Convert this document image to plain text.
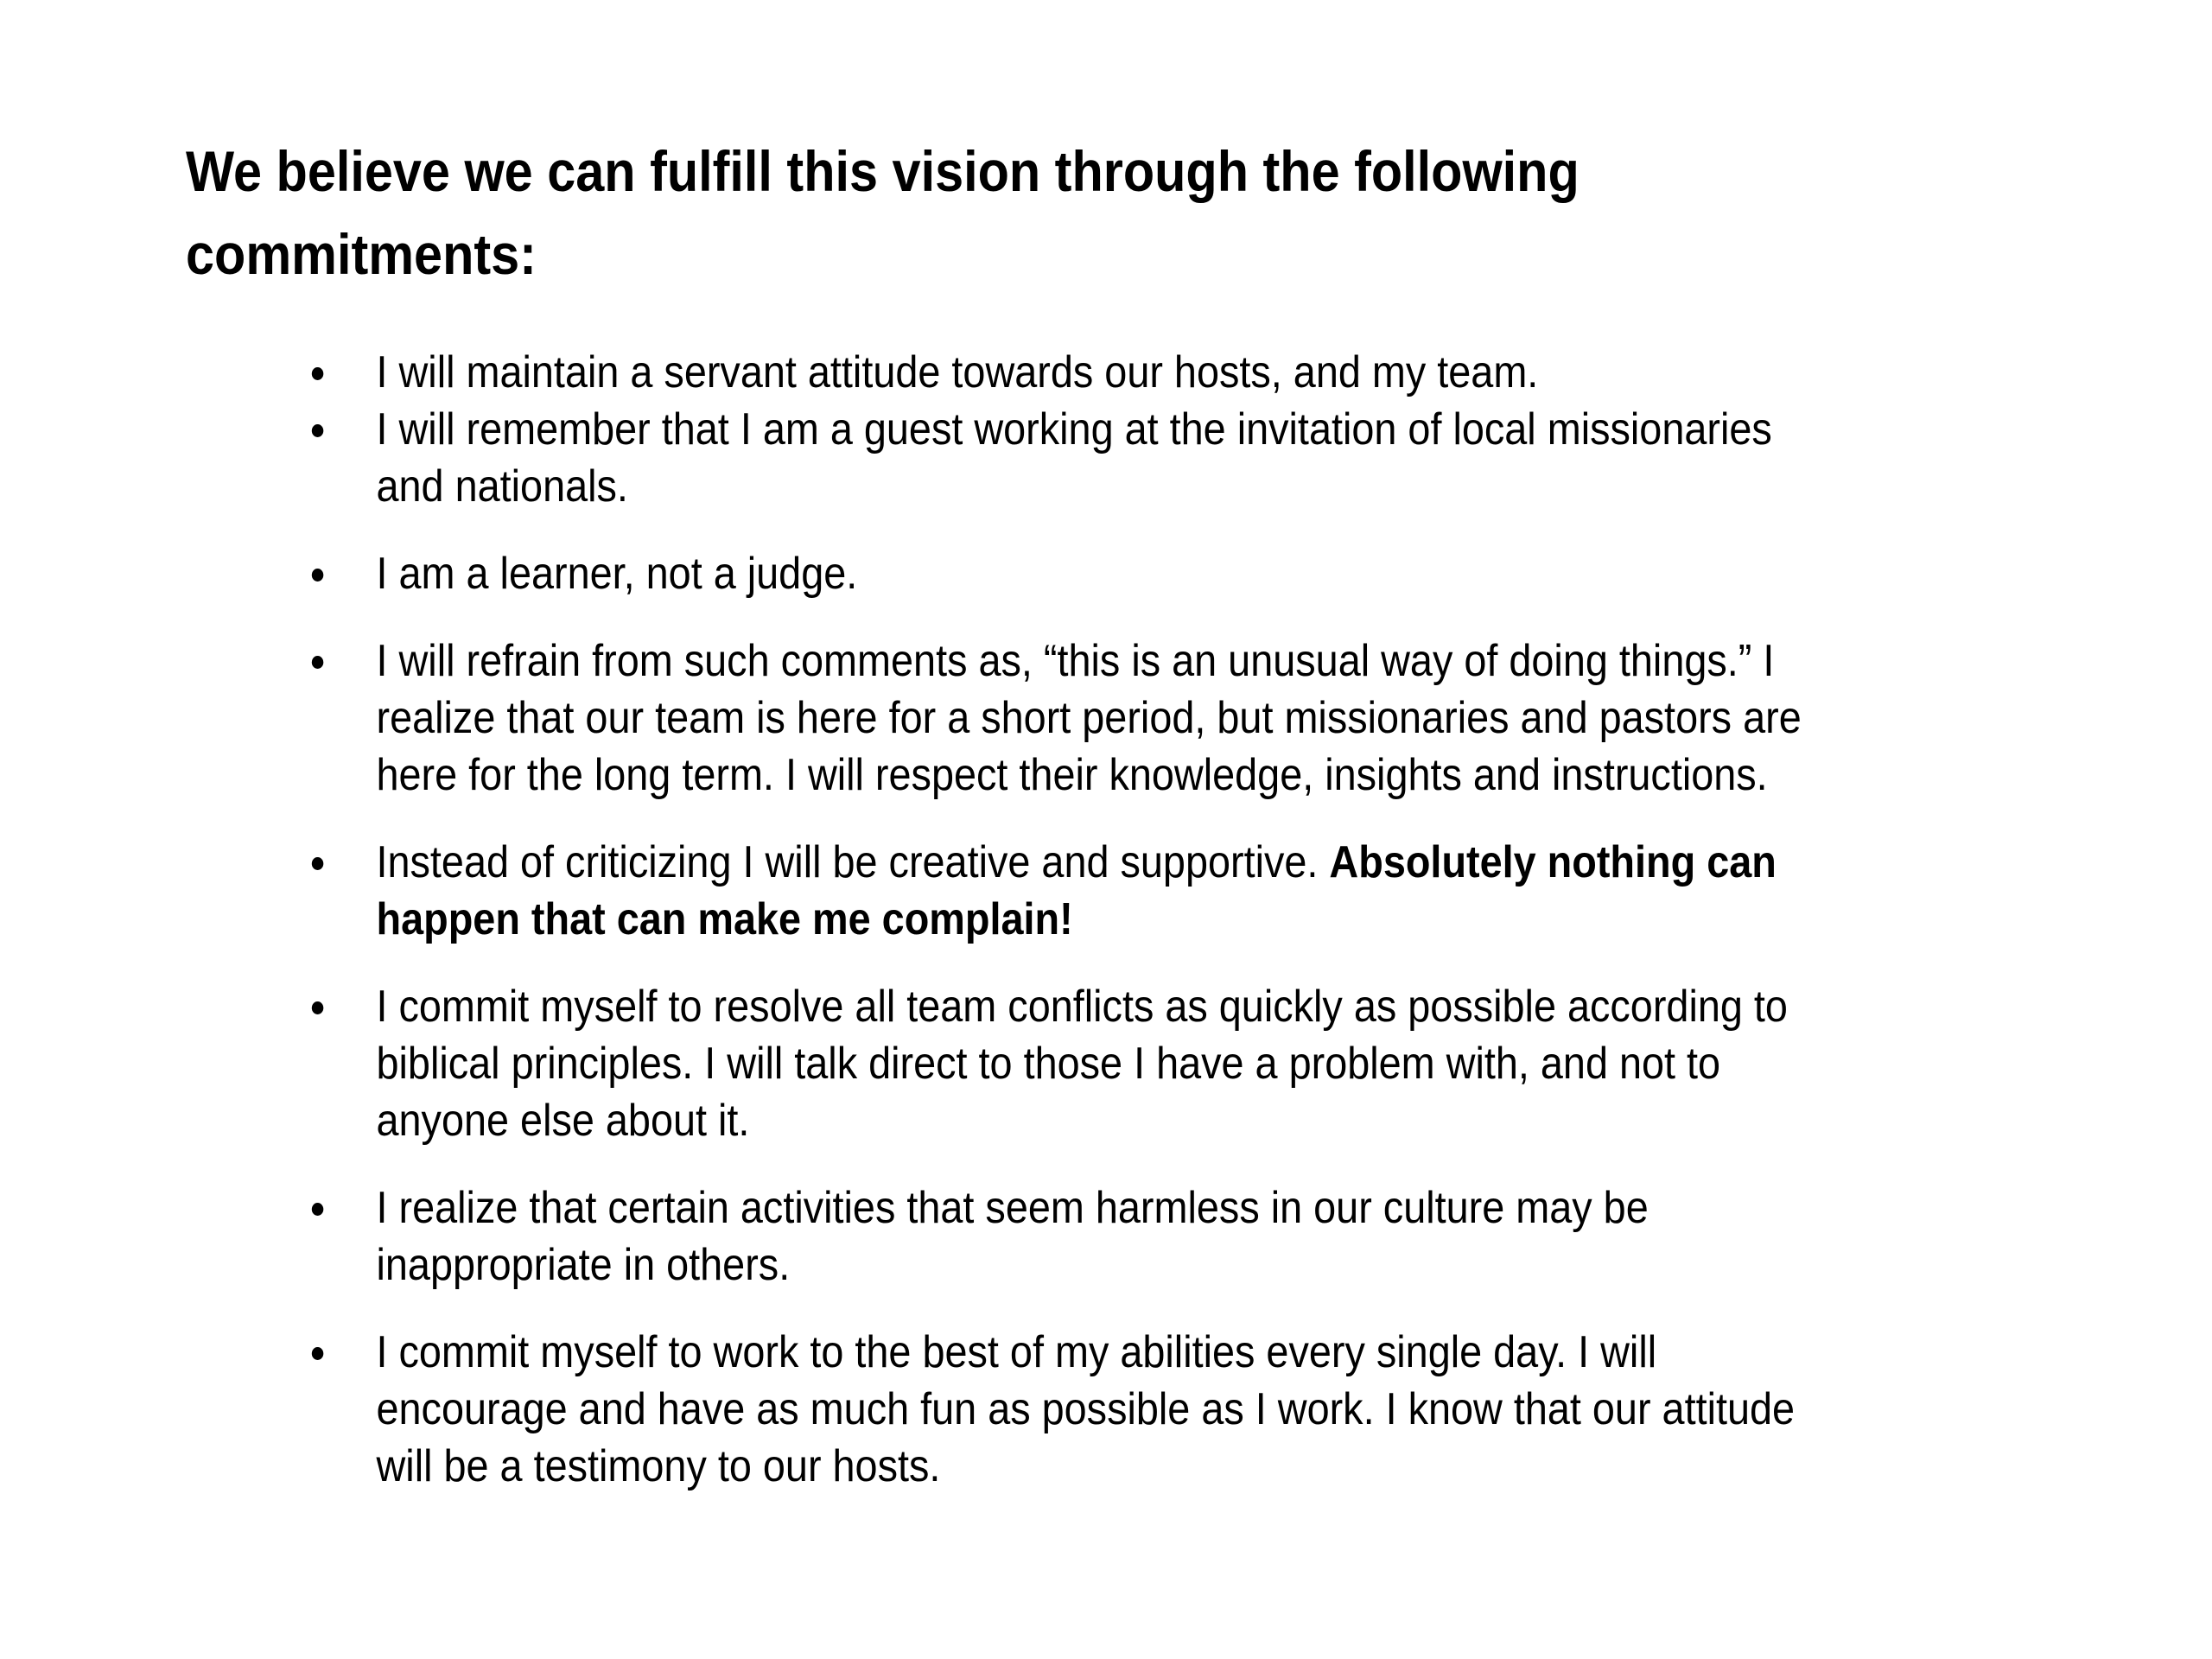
We believe we can fulfill this vision through the following commitments:
I will maintain a servant attitude towards our hosts, and my team.
I will remember that I am a guest working at the invitation of local missionaries and nationals.
I am a learner, not a judge.
I will refrain from such comments as, “this is an unusual way of doing things.” I realize that our team is here for a short period, but missionaries and pastors are here for the long term. I will respect their knowledge, insights and instructions.
Instead of criticizing I will be creative and supportive. Absolutely nothing can happen that can make me complain!
I commit myself to resolve all team conflicts as quickly as possible according to biblical principles. I will talk direct to those I have a problem with, and not to anyone else about it.
I realize that certain activities that seem harmless in our culture may be inappropriate in others.
I commit myself to work to the best of my abilities every single day. I will encourage and have as much fun as possible as I work. I know that our attitude will be a testimony to our hosts.
